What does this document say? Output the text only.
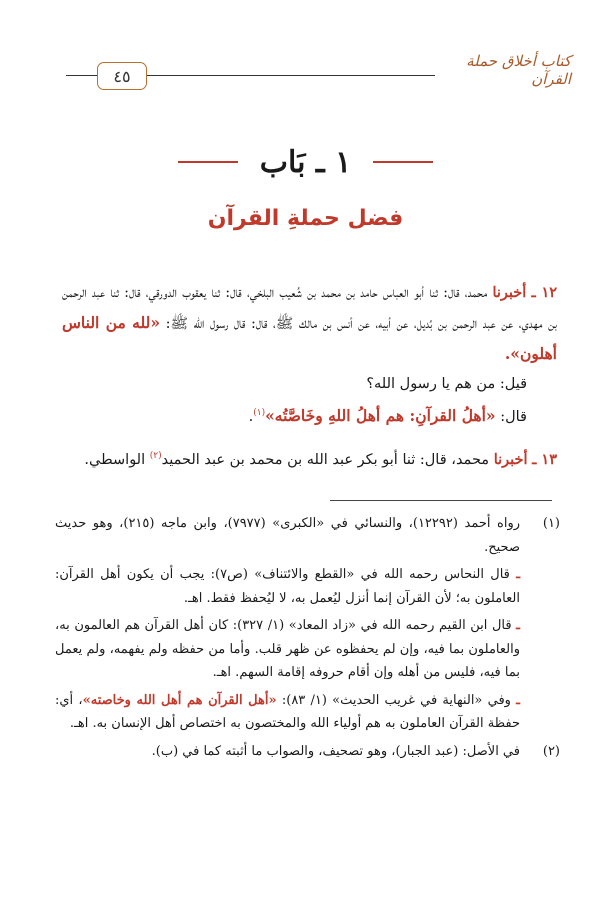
كتاب أخلاق حملة القرآن
٤٥
١ ـ بَاب
فضل حملةِ القرآن

١٢ ـ أخبرنا محمد، قال: ثنا أبو العباس حامد بن محمد بن شُعيب البلخي، قال: ثنا يعقوب الدورقي، قال: ثنا عبد الرحمن بن مهدي، عن عبد الرحمن بن بُديل، عن أبيه، عن أنس بن مالك ﷺ، قال: قال رسول الله ﷺ: «لله من الناس أهلون».

قيل: من هم يا رسول الله؟

قال: «أهلُ القرآنِ: هم أهلُ اللهِ وخَاصَّتُه»$^{(١)}$.

١٣ ـ أخبرنا محمد، قال: ثنا أبو بكر عبد الله بن محمد بن عبد الحميد$^{(٢)}$ الواسطي.

(١)

رواه أحمد (١٢٢٩٢)، والنسائي في «الكبرى» (٧٩٧٧)، وابن ماجه (٢١٥)، وهو حديث صحيح.

ـ قال النحاس رحمه الله في «القطع والائتناف» (ص٧): يجب أن يكون أهل القرآن: العاملون به؛ لأن القرآن إنما أنزل ليُعمل به، لا ليُحفظ فقط. اهـ.

ـ قال ابن القيم رحمه الله في «زاد المعاد» (١/ ٣٢٧): كان أهل القرآن هم العالمون به، والعاملون بما فيه، وإن لم يحفظوه عن ظهر قلب. وأما من حفظه ولم يفهمه، ولم يعمل بما فيه، فليس من أهله وإن أقام حروفه إقامة السهم. اهـ.

ـ وفي «النهاية في غريب الحديث» (١/ ٨٣): «أهل القرآن هم أهل الله وخاصته»، أي: حفظة القرآن العاملون به هم أولياء الله والمختصون به اختصاص أهل الإنسان به. اهـ.

(٢)
في الأصل: (عبد الجبار)، وهو تصحيف، والصواب ما أثبته كما في (ب).
